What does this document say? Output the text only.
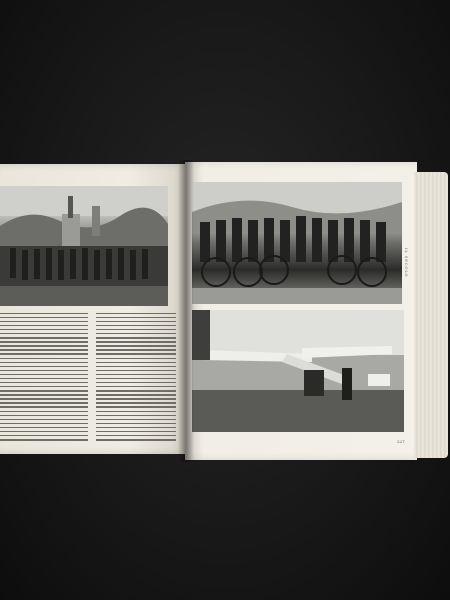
IL SECOLO
227
